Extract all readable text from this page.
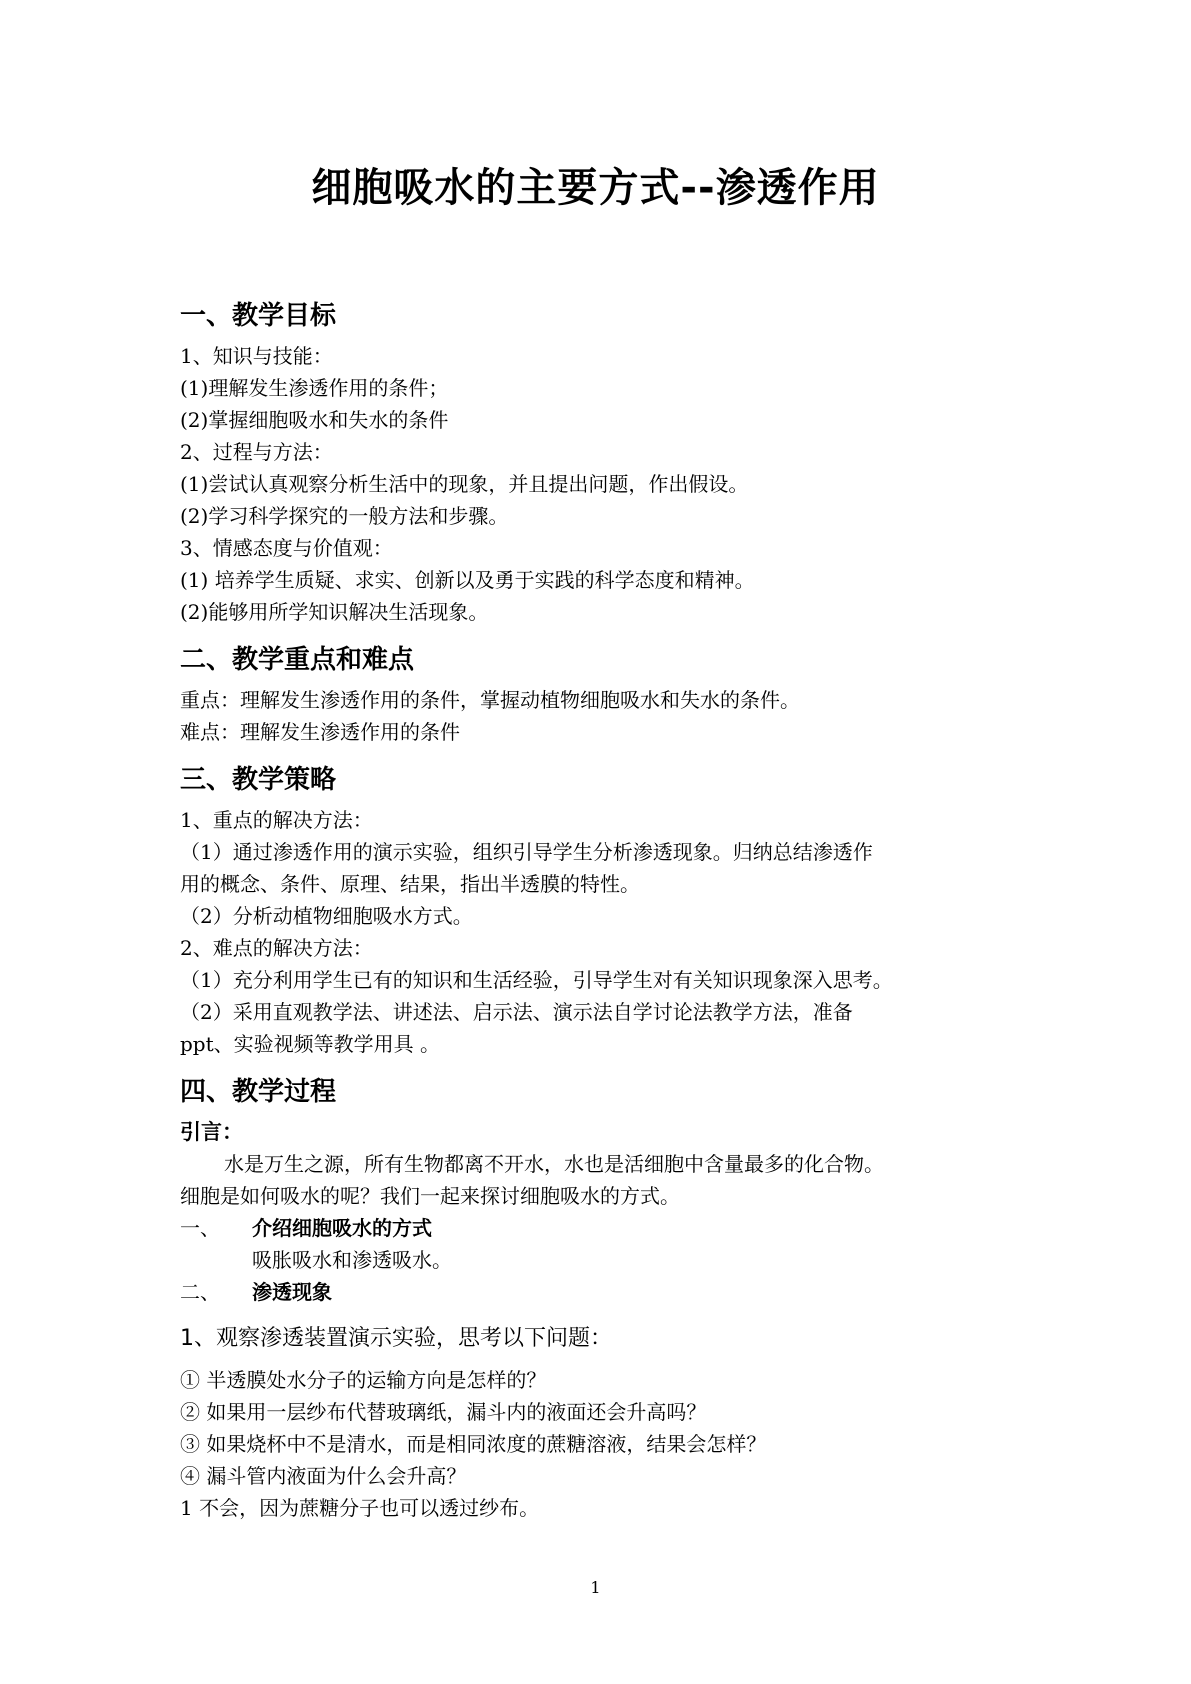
细胞吸水的主要方式--渗透作用

一、教学目标

1、知识与技能：

(1)理解发生渗透作用的条件；

(2)掌握细胞吸水和失水的条件

2、过程与方法：

(1)尝试认真观察分析生活中的现象，并且提出问题，作出假设。

(2)学习科学探究的一般方法和步骤。

3、情感态度与价值观：

(1) 培养学生质疑、求实、创新以及勇于实践的科学态度和精神。

(2)能够用所学知识解决生活现象。

二、教学重点和难点

重点：理解发生渗透作用的条件，掌握动植物细胞吸水和失水的条件。

难点：理解发生渗透作用的条件

三、教学策略

1、重点的解决方法：

（1）通过渗透作用的演示实验，组织引导学生分析渗透现象。归纳总结渗透作

用的概念、条件、原理、结果，指出半透膜的特性。

（2）分析动植物细胞吸水方式。

2、难点的解决方法：

（1）充分利用学生已有的知识和生活经验，引导学生对有关知识现象深入思考。

（2）采用直观教学法、讲述法、启示法、演示法自学讨论法教学方法，准备

ppt、实验视频等教学用具 。

四、教学过程

引言：

水是万生之源，所有生物都离不开水，水也是活细胞中含量最多的化合物。

细胞是如何吸水的呢？我们一起来探讨细胞吸水的方式。

一、	介绍细胞吸水的方式

吸胀吸水和渗透吸水。

二、	渗透现象

1、观察渗透装置演示实验，思考以下问题：

① 半透膜处水分子的运输方向是怎样的？

② 如果用一层纱布代替玻璃纸，漏斗内的液面还会升高吗？

③ 如果烧杯中不是清水，而是相同浓度的蔗糖溶液，结果会怎样？

④ 漏斗管内液面为什么会升高？

1 不会，因为蔗糖分子也可以透过纱布。

1
